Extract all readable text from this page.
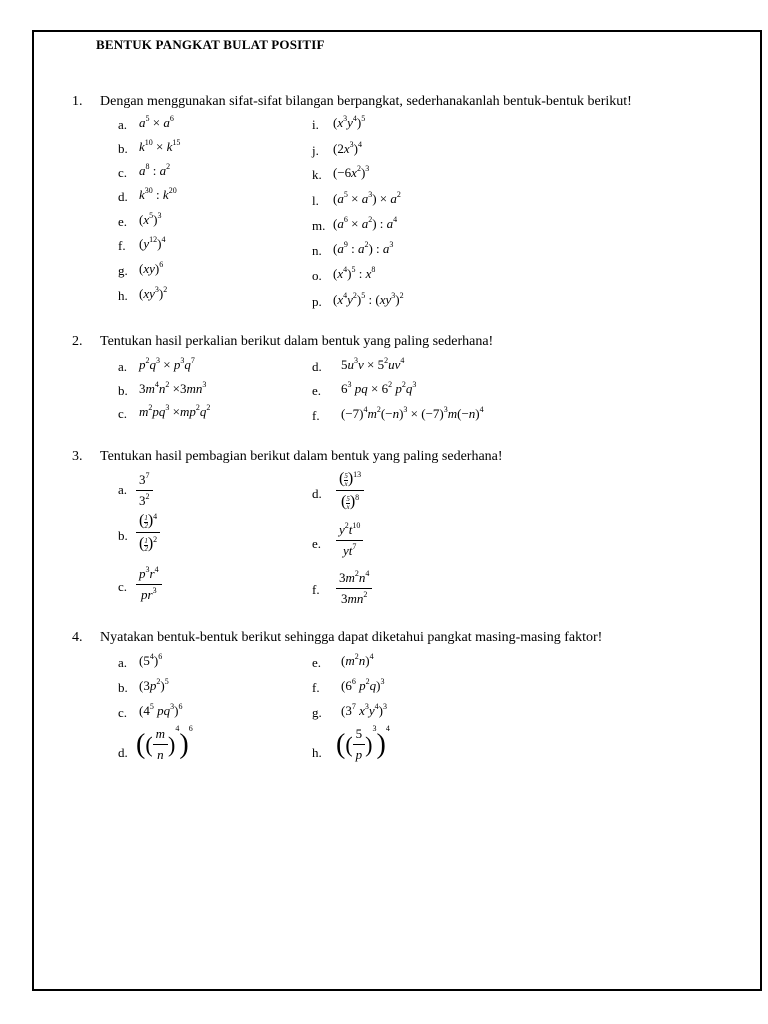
BENTUK PANGKAT BULAT POSITIF
1. Dengan menggunakan sifat-sifat bilangan berpangkat, sederhanakanlah bentuk-bentuk berikut!
a. $a^5 \times a^6$
b. $k^{10} \times k^{15}$
c. $a^8$ : $a^2$
d. $k^{30}$ : $k^{20}$
e. $(x^5)^3$
f. $(y^{12})^4$
g. (xy)$^6$
h. $(xy^3)^2$
i. $(x^3y^4)^5$
j. $(2x^3)^4$
k. $(-6x^2)^3$
l. $(a^5 \times a^3) \times a^2$
m. $(a^6 \times a^2)$ : $a^4$
n. ($a^9$ : $a^2$) : $a^3$
o. $(x^4)^5$ : $x^8$
p. $(x^4y^2)^5$ : $(xy^3)^2$
2. Tentukan hasil perkalian berikut dalam bentuk yang paling sederhana!
a. $p^2q^3 \times p^3q^7$
b. $3m^4n^2 \times 3mn^3$
c. $m^2pq^3 \times mp^2q^2$
d. $5u^3v \times 5^2uv^4$
e. $6^3$ pq × $6^2$ $p^2q^3$
f. $(-7)^4m^2(-n)^3 \times (-7)^3m(-n)^4$
3. Tentukan hasil pembagian berikut dalam bentuk yang paling sederhana!
a. $\frac{3^7}{3^2}$
b. $\frac{( \frac{1}{2} )^4}{( \frac{1}{2} )^2}$
c. $\frac{p^3r^4}{pr^3}$
d. $\frac{( \frac{5}{x} )^{13}}{( \frac{5}{x} )^8}$
e. $\frac{y^2t^{10}}{yt^7}$
f. $\frac{3m^2n^4}{3mn^2}$
4. Nyatakan bentuk-bentuk berikut sehingga dapat diketahui pangkat masing-masing faktor!
a. $(5^4)^6$
b. $(3p^2)^5$
c. ($4^5$ $pq^3)^6$
d. ( ( $\frac{m}{n}$ )
4 ) 6
e. $(m^2n)^4$
f. ($6^6$ $p^2q)^3$
g. ($3^7$ $x^3y^4)^3$
h. ( ( $\frac{5}{p}$ )
3 ) 4
